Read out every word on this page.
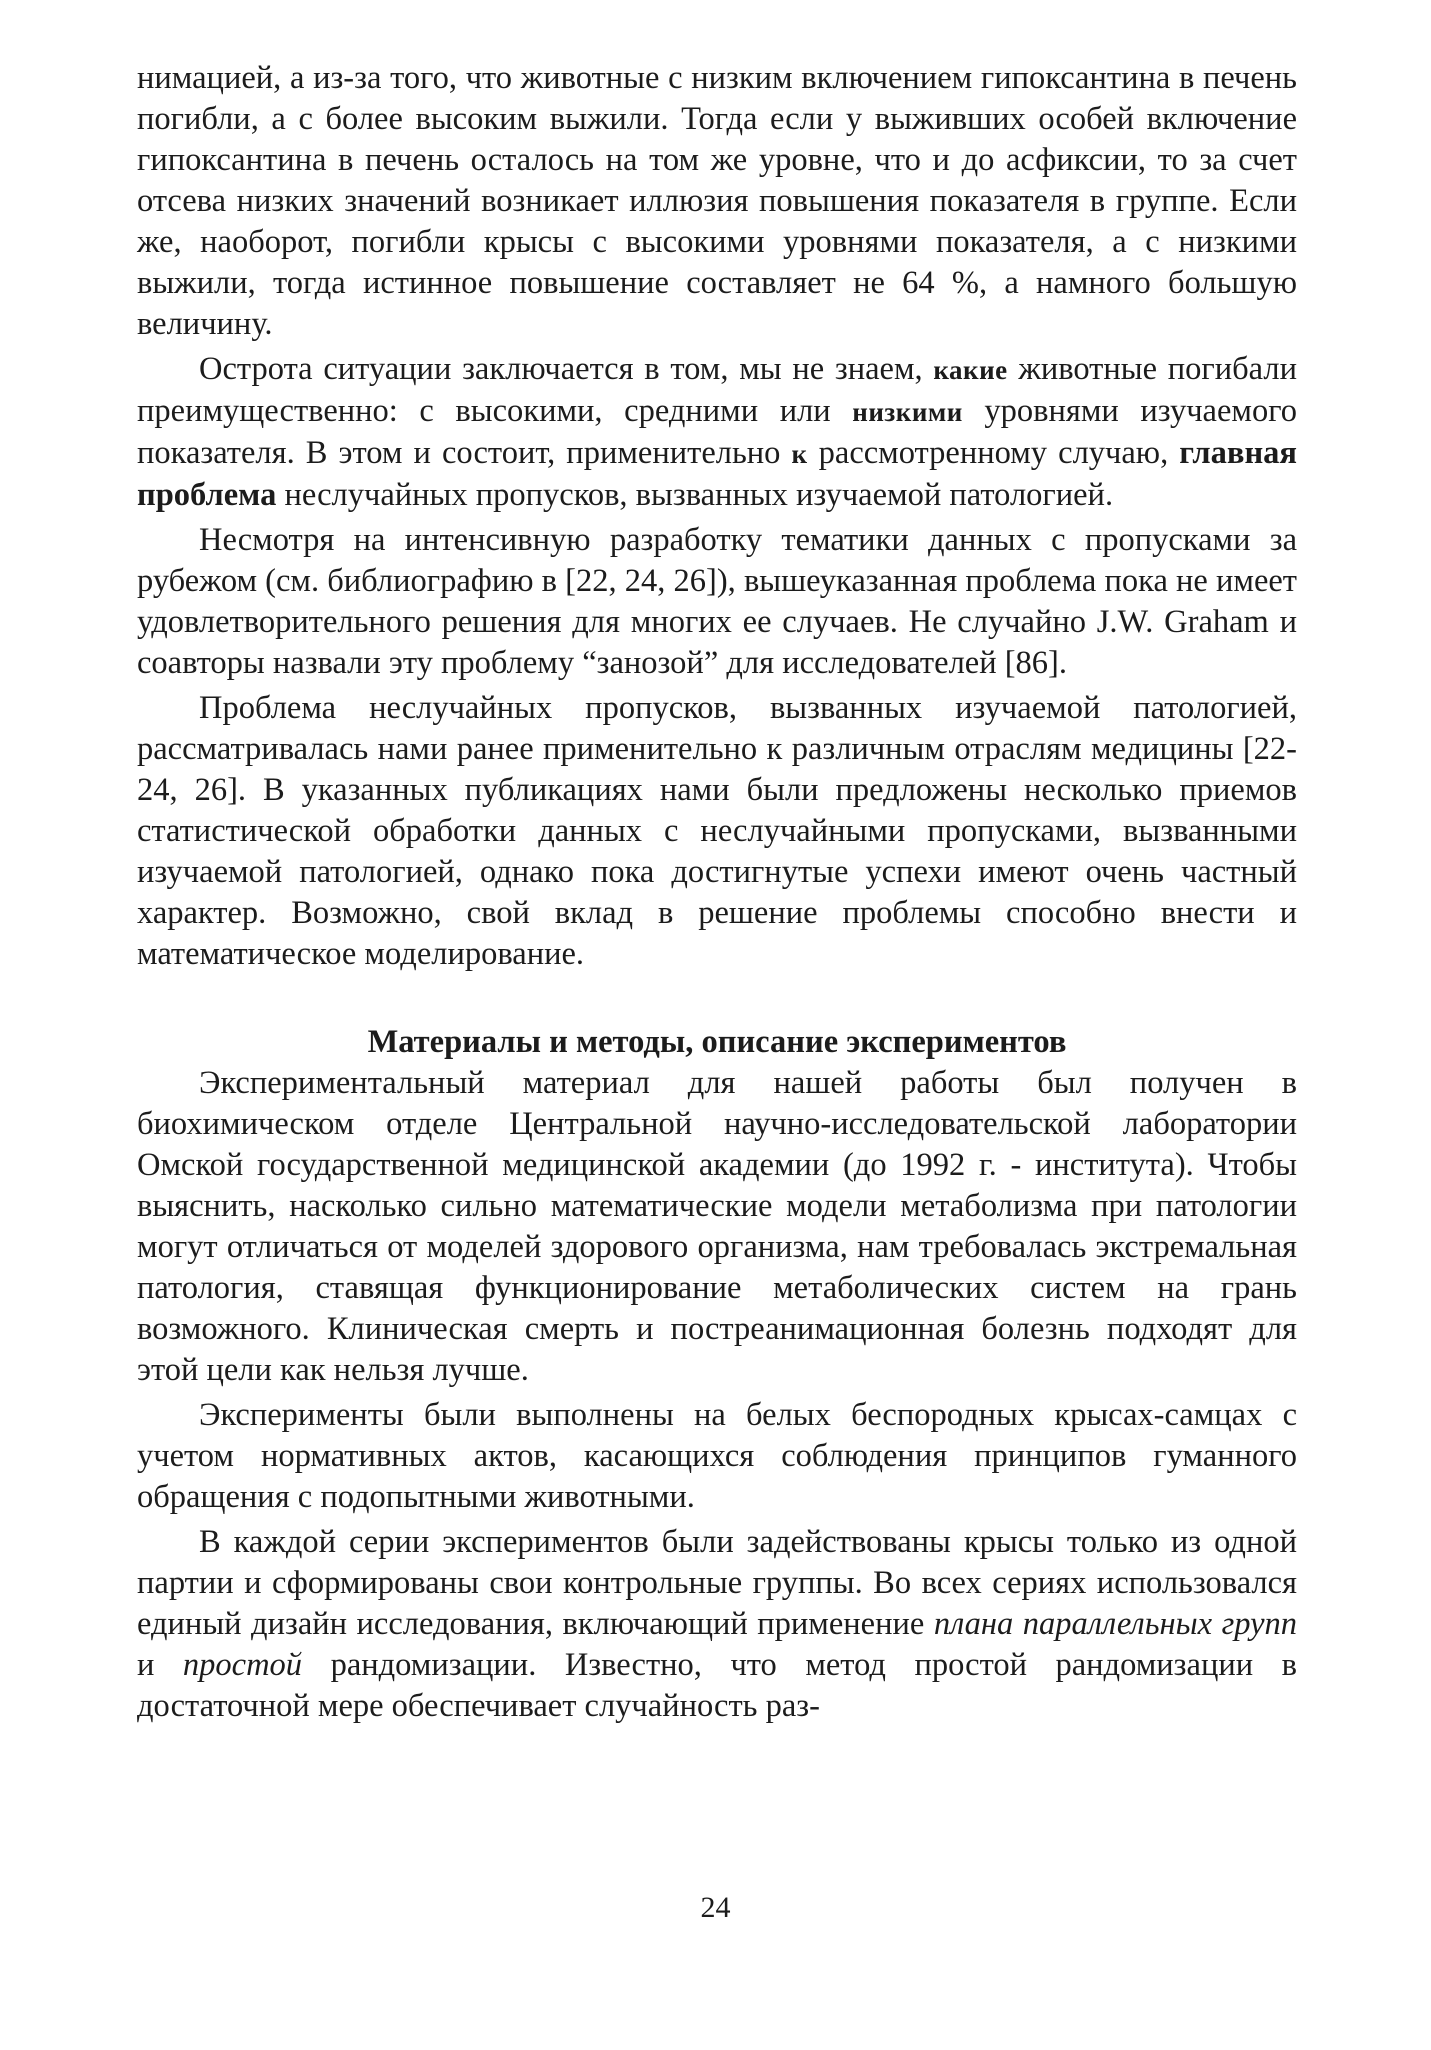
нимацией, а из-за того, что животные с низким включением гипоксантина в печень погибли, а с более высоким выжили. Тогда если у выживших особей включение гипоксантина в печень осталось на том же уровне, что и до асфиксии, то за счет отсева низких значений возникает иллюзия повышения показателя в группе. Если же, наоборот, погибли крысы с высокими уровнями показателя, а с низкими выжили, тогда истинное повышение составляет не 64 %, а намного большую величину.

Острота ситуации заключается в том, мы не знаем, какие животные погибали преимущественно: с высокими, средними или низкими уровнями изучаемого показателя. В этом и состоит, применительно к рассмотренному случаю, главная проблема неслучайных пропусков, вызванных изучаемой патологией.

Несмотря на интенсивную разработку тематики данных с пропусками за рубежом (см. библиографию в [22, 24, 26]), вышеуказанная проблема пока не имеет удовлетворительного решения для многих ее случаев. Не случайно J.W. Graham и соавторы назвали эту проблему “занозой” для исследователей [86].

Проблема неслучайных пропусков, вызванных изучаемой патологией, рассматривалась нами ранее применительно к различным отраслям медицины [22-24, 26]. В указанных публикациях нами были предложены несколько приемов статистической обработки данных с неслучайными пропусками, вызванными изучаемой патологией, однако пока достигнутые успехи имеют очень частный характер. Возможно, свой вклад в решение проблемы способно внести и математическое моделирование.

Материалы и методы, описание экспериментов

Экспериментальный материал для нашей работы был получен в биохимическом отделе Центральной научно-исследовательской лаборатории Омской государственной медицинской академии (до 1992 г. - института). Чтобы выяснить, насколько сильно математические модели метаболизма при патологии могут отличаться от моделей здорового организма, нам требовалась экстремальная патология, ставящая функционирование метаболических систем на грань возможного. Клиническая смерть и постреанимационная болезнь подходят для этой цели как нельзя лучше.

Эксперименты были выполнены на белых беспородных крысах-самцах с учетом нормативных актов, касающихся соблюдения принципов гуманного обращения с подопытными животными.

В каждой серии экспериментов были задействованы крысы только из одной партии и сформированы свои контрольные группы. Во всех сериях использовался единый дизайн исследования, включающий применение плана параллельных групп и простой рандомизации. Известно, что метод простой рандомизации в достаточной мере обеспечивает случайность раз-

24
